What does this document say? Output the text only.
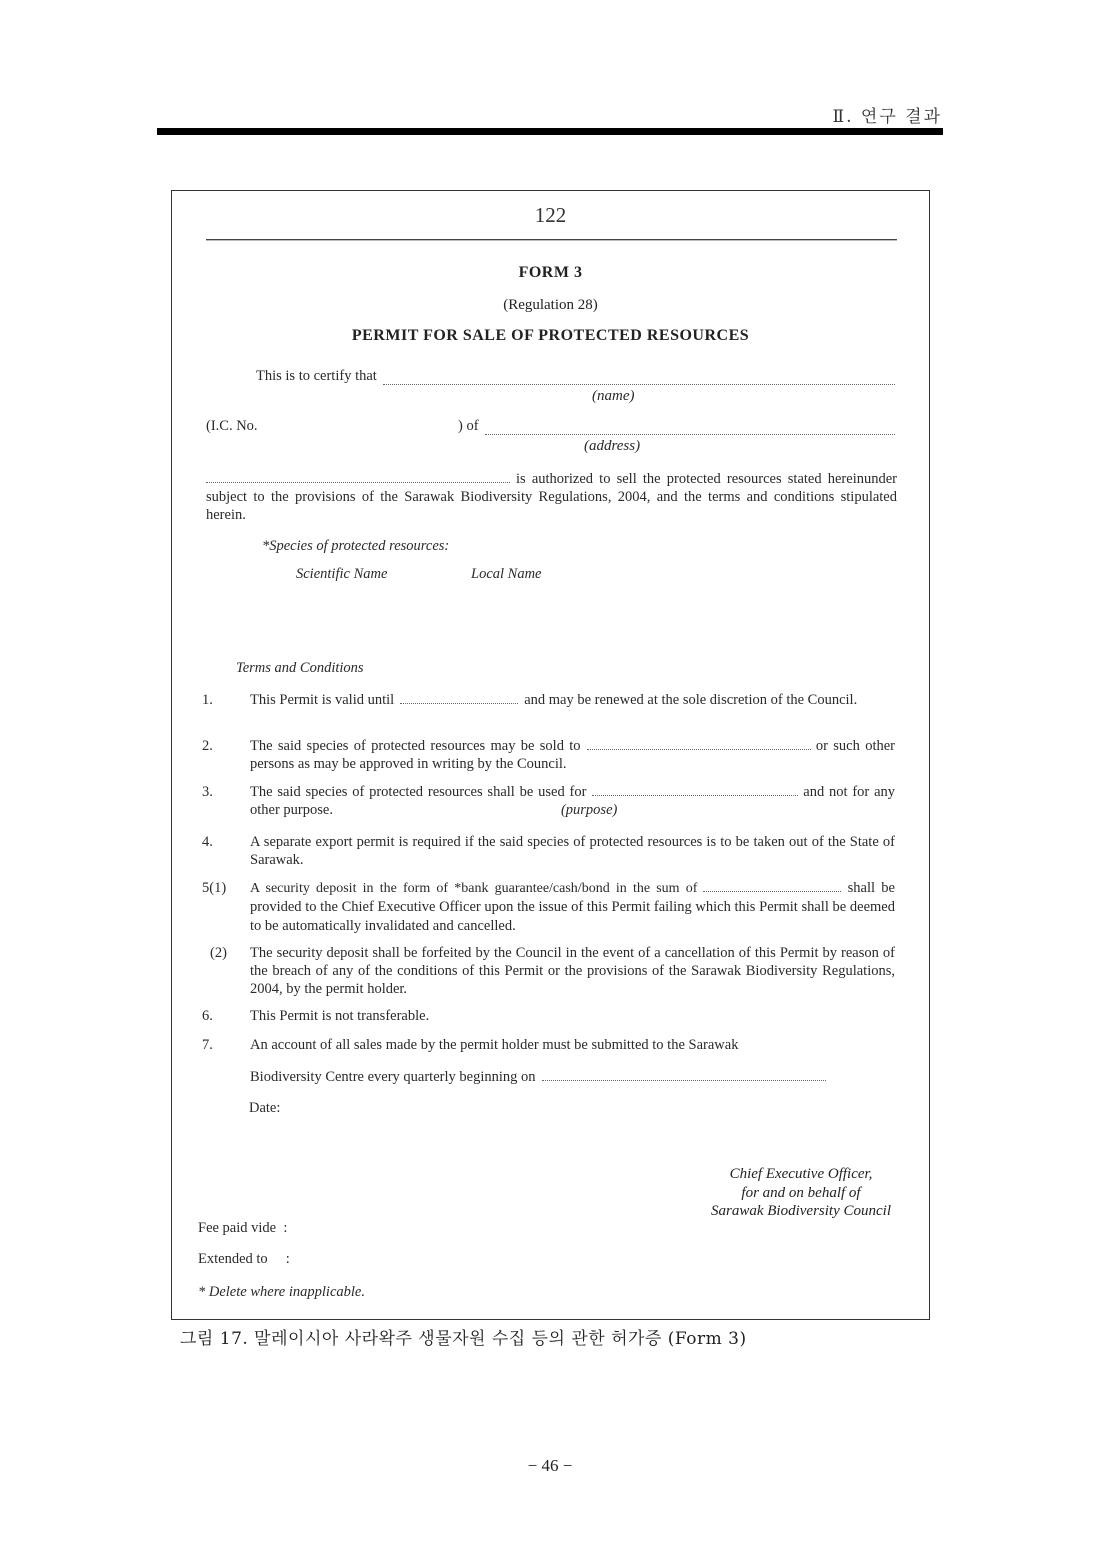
Ⅱ. 연구 결과
122
FORM 3
(Regulation 28)
PERMIT FOR SALE OF PROTECTED RESOURCES
This is to certify that
(name)
(I.C. No.	) of
(address)
is authorized to sell the protected resources stated hereinunder subject to the provisions of the Sarawak Biodiversity Regulations, 2004, and the terms and conditions stipulated herein.
*Species of protected resources:
Scientific Name	Local Name
Terms and Conditions
1.	This Permit is valid until	and may be renewed at the sole discretion of the Council.
2.	The said species of protected resources may be sold to	or such other persons as may be approved in writing by the Council.
3.	The said species of protected resources shall be used for	and not for any other purpose.	(purpose)
4.	A separate export permit is required if the said species of protected resources is to be taken out of the State of Sarawak.
5(1)	A security deposit in the form of *bank guarantee/cash/bond in the sum of	shall be provided to the Chief Executive Officer upon the issue of this Permit failing which this Permit shall be deemed to be automatically invalidated and cancelled.
(2)	The security deposit shall be forfeited by the Council in the event of a cancellation of this Permit by reason of the breach of any of the conditions of this Permit or the provisions of the Sarawak Biodiversity Regulations, 2004, by the permit holder.
6.	This Permit is not transferable.
7.	An account of all sales made by the permit holder must be submitted to the Sarawak
Biodiversity Centre every quarterly beginning on
Date:
Chief Executive Officer,
for and on behalf of
Sarawak Biodiversity Council
Fee paid vide  :
Extended to     :
* Delete where inapplicable.
그림 17. 말레이시아 사라왁주 생물자원 수집 등의 관한 허가증 (Form 3)
− 46 −
